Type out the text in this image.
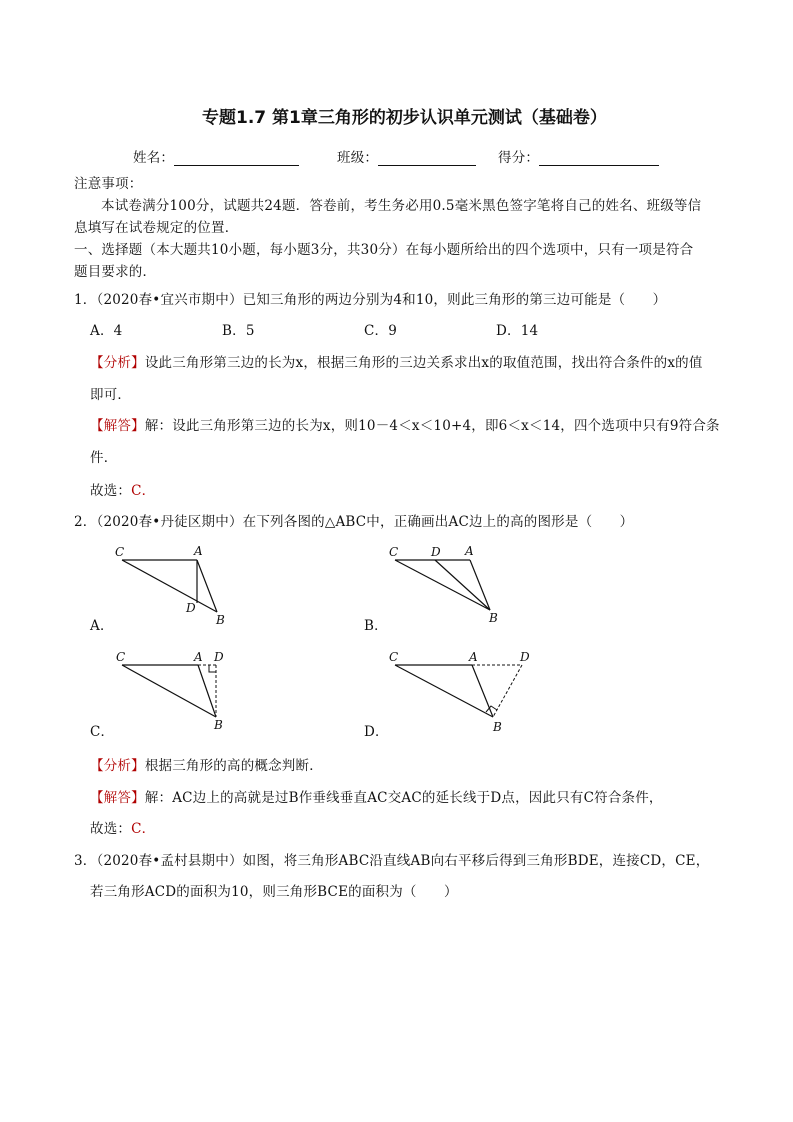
专题1.7 第1章三角形的初步认识单元测试（基础卷）
姓名：	班级：	得分：
注意事项：
本试卷满分100分，试题共24题．答卷前，考生务必用0.5毫米黑色签字笔将自己的姓名、班级等信
息填写在试卷规定的位置．
一、选择题（本大题共10小题，每小题3分，共30分）在每小题所给出的四个选项中，只有一项是符合
题目要求的．
1．（2020春•宜兴市期中）已知三角形的两边分别为4和10，则此三角形的第三边可能是（　　）
A．4	B．5	C．9	D．14
【分析】设此三角形第三边的长为x，根据三角形的三边关系求出x的取值范围，找出符合条件的x的值
即可．
【解答】解：设此三角形第三边的长为x，则10－4＜x＜10+4，即6＜x＜14，四个选项中只有9符合条
件．
故选：C．
2．（2020春•丹徒区期中）在下列各图的△ABC中，正确画出AC边上的高的图形是（　　）
C	A
D
B
A．
C	D A
B
B．
C	A D
B
C．
C	A	D
B
D．
【分析】根据三角形的高的概念判断．
【解答】解：AC边上的高就是过B作垂线垂直AC交AC的延长线于D点，因此只有C符合条件，
故选：C．
3．（2020春•孟村县期中）如图，将三角形ABC沿直线AB向右平移后得到三角形BDE，连接CD，CE，
若三角形ACD的面积为10，则三角形BCE的面积为（　　）
